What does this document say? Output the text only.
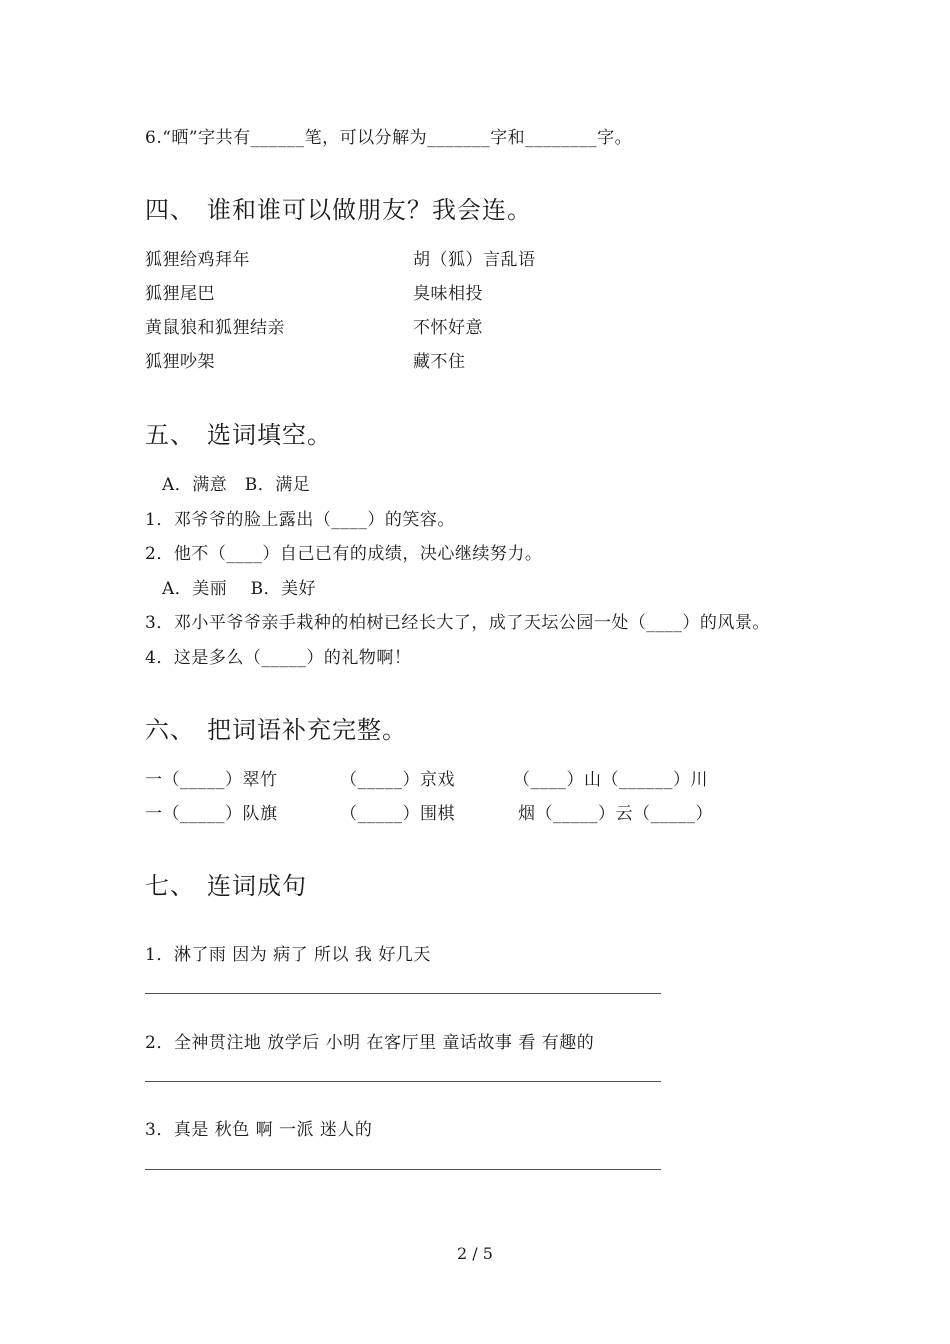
6.“晒”字共有______笔，可以分解为_______字和________字。
四、 谁和谁可以做朋友？我会连。
狐狸给鸡拜年	胡（狐）言乱语
狐狸尾巴	臭味相投
黄鼠狼和狐狸结亲	不怀好意
狐狸吵架	藏不住
五、 选词填空。
A．满意　B．满足
1．邓爷爷的脸上露出（____）的笑容。
2．他不（____）自己已有的成绩，决心继续努力。
A．美丽　 B．美好
3．邓小平爷爷亲手栽种的柏树已经长大了，成了天坛公园一处（____）的风景。
4．这是多么（_____）的礼物啊！
六、 把词语补充完整。
一（_____）翠竹	（_____）京戏	（____）山（______）川
一（_____）队旗	（_____）围棋	烟（_____）云（_____）
七、 连词成句
1．淋了雨 因为 病了 所以 我 好几天
2．全神贯注地 放学后 小明 在客厅里 童话故事 看 有趣的
3．真是 秋色 啊 一派 迷人的
2 / 5
